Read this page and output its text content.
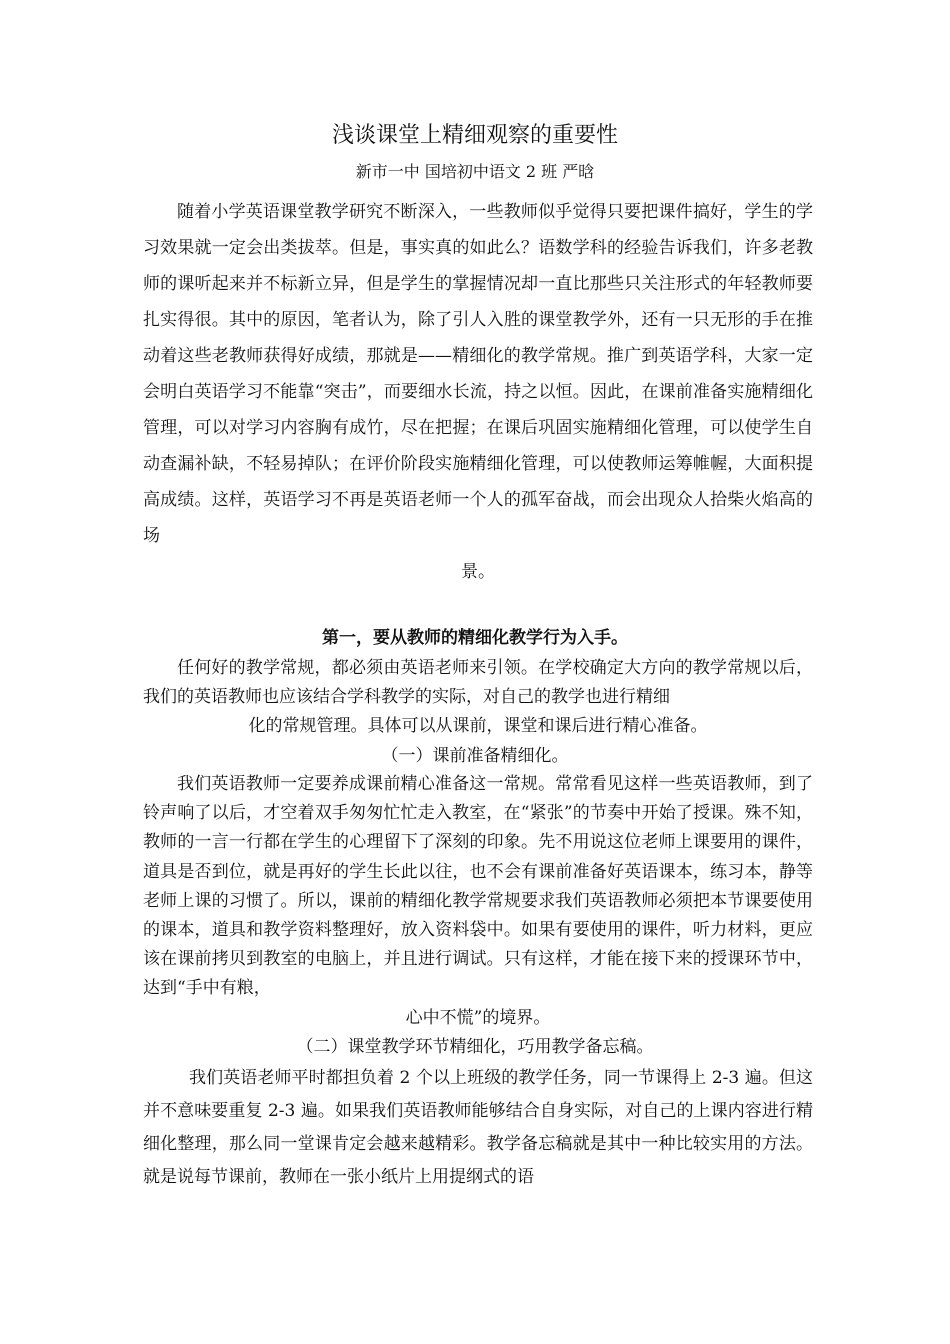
浅谈课堂上精细观察的重要性
新市一中 国培初中语文 2 班 严晗

随着小学英语课堂教学研究不断深入，一些教师似乎觉得只要把课件搞好，学生的学习效果就一定会出类拔萃。但是，事实真的如此么？语数学科的经验告诉我们，许多老教师的课听起来并不标新立异，但是学生的掌握情况却一直比那些只关注形式的年轻教师要扎实得很。其中的原因，笔者认为，除了引人入胜的课堂教学外，还有一只无形的手在推动着这些老教师获得好成绩，那就是——精细化的教学常规。推广到英语学科，大家一定会明白英语学习不能靠“突击”，而要细水长流，持之以恒。因此，在课前准备实施精细化管理，可以对学习内容胸有成竹，尽在把握；在课后巩固实施精细化管理，可以使学生自动查漏补缺，不轻易掉队；在评价阶段实施精细化管理，可以使教师运筹帷幄，大面积提高成绩。这样，英语学习不再是英语老师一个人的孤军奋战，而会出现众人拾柴火焰高的场
景。

第一，要从教师的精细化教学行为入手。

任何好的教学常规，都必须由英语老师来引领。在学校确定大方向的教学常规以后，我们的英语教师也应该结合学科教学的实际，对自己的教学也进行精细
化的常规管理。具体可以从课前，课堂和课后进行精心准备。

（一）课前准备精细化。

我们英语教师一定要养成课前精心准备这一常规。常常看见这样一些英语教师，到了铃声响了以后，才空着双手匆匆忙忙走入教室，在“紧张”的节奏中开始了授课。殊不知，教师的一言一行都在学生的心理留下了深刻的印象。先不用说这位老师上课要用的课件，道具是否到位，就是再好的学生长此以往，也不会有课前准备好英语课本，练习本，静等老师上课的习惯了。所以，课前的精细化教学常规要求我们英语教师必须把本节课要使用的课本，道具和教学资料整理好，放入资料袋中。如果有要使用的课件，听力材料，更应该在课前拷贝到教室的电脑上，并且进行调试。只有这样，才能在接下来的授课环节中，达到“手中有粮，
心中不慌”的境界。

（二）课堂教学环节精细化，巧用教学备忘稿。

我们英语老师平时都担负着 2 个以上班级的教学任务，同一节课得上 2-3 遍。但这并不意味要重复 2-3 遍。如果我们英语教师能够结合自身实际，对自己的上课内容进行精细化整理，那么同一堂课肯定会越来越精彩。教学备忘稿就是其中一种比较实用的方法。就是说每节课前，教师在一张小纸片上用提纲式的语
